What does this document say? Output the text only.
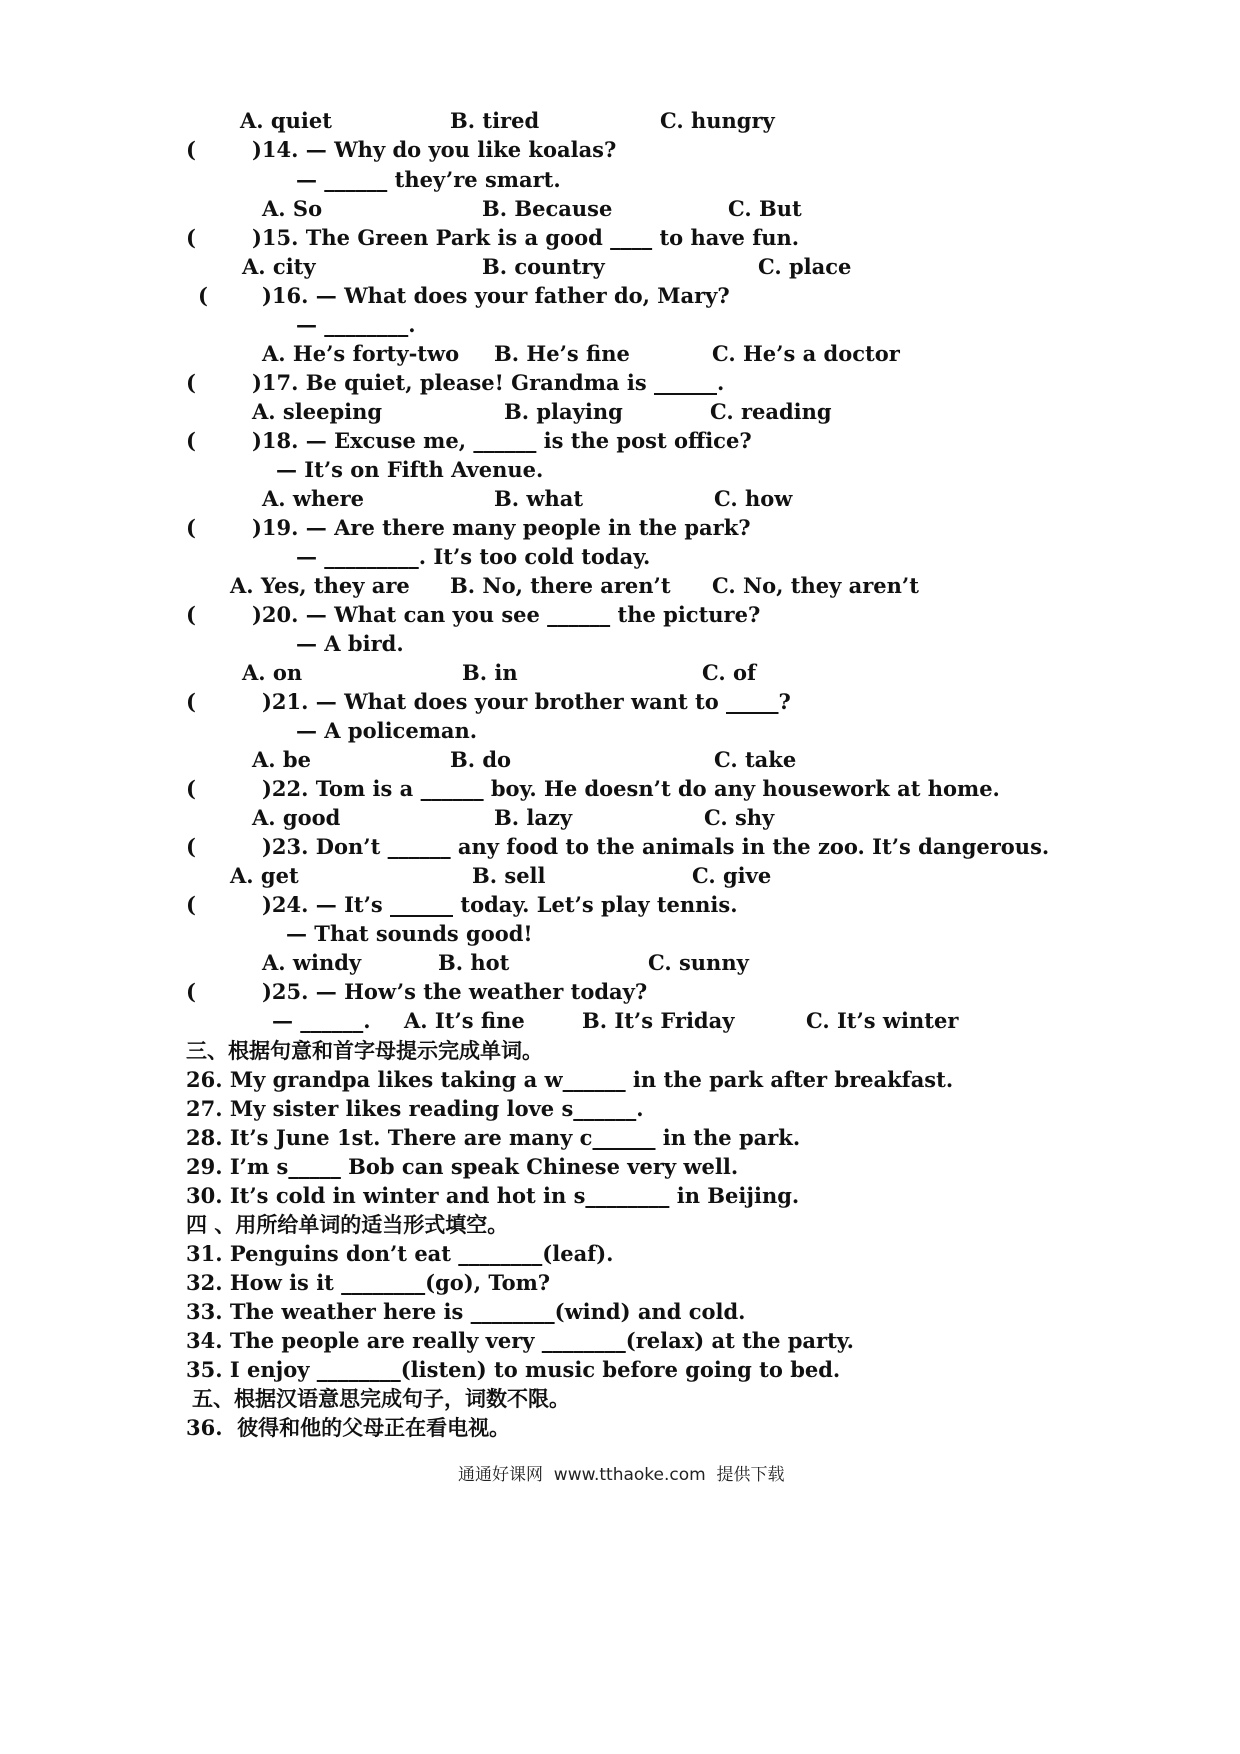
A. quiet	B. tired	C. hungry
(	)14. — Why do you like koalas?
— ______ they’re smart.
A. So	B. Because	C. But
(	)15. The Green Park is a good ____ to have fun.
A. city	B. country	C. place
(	)16. — What does your father do, Mary?
— ________.
A. He’s forty-two B. He’s fine	C. He’s a doctor
(	)17. Be quiet, please! Grandma is ______.
A. sleeping	B. playing	C. reading
(	)18. — Excuse me, ______ is the post office?
— It’s on Fifth Avenue.
A. where	B. what	C. how
(	)19. — Are there many people in the park?
— _________. It’s too cold today.
A. Yes, they are B. No, there aren’t C. No, they aren’t
(	)20. — What can you see ______ the picture?
— A bird.
A. on	B. in	C. of
(	)21. — What does your brother want to _____?
— A policeman.
A. be	B. do	C. take
(	)22. Tom is a ______ boy. He doesn’t do any housework at home.
A. good	B. lazy	C. shy
(	)23. Don’t ______ any food to the animals in the zoo. It’s dangerous.
A. get	B. sell	C. give
(	)24. — It’s ______ today. Let’s play tennis.
— That sounds good!
A. windy	B. hot	C. sunny
(	)25. — How’s the weather today?
— ______. A. It’s fine	B. It’s Friday	C. It’s winter
三、根据句意和首字母提示完成单词。
26. My grandpa likes taking a w______ in the park after breakfast.
27. My sister likes reading love s______.
28. It’s June 1st. There are many c______ in the park.
29. I’m s_____ Bob can speak Chinese very well.
30. It’s cold in winter and hot in s________ in Beijing.
四 、用所给单词的适当形式填空。
31. Penguins don’t eat ________(leaf).
32. How is it ________(go), Tom?
33. The weather here is ________(wind) and cold.
34. The people are really very ________(relax) at the party.
35. I enjoy ________(listen) to music before going to bed.
五、根据汉语意思完成句子，词数不限。
36.  彼得和他的父母正在看电视。
通通好课网  www.tthaoke.com  提供下载
